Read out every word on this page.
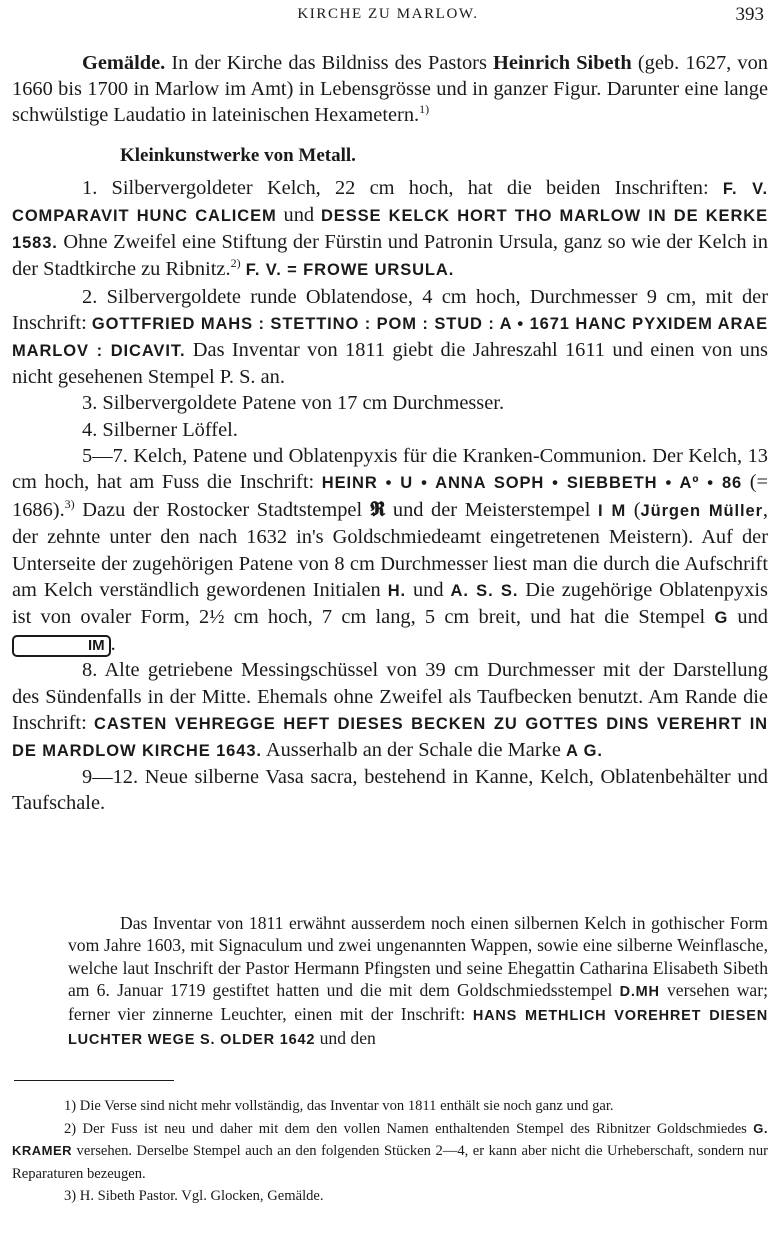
KIRCHE ZU MARLOW.	393

Gemälde. In der Kirche das Bildniss des Pastors Heinrich Sibeth (geb. 1627, von 1660 bis 1700 in Marlow im Amt) in Lebensgrösse und in ganzer Figur. Darunter eine lange schwülstige Laudatio in lateinischen Hexametern.$^{1)}$

Kleinkunstwerke von Metall.

1. Silbervergoldeter Kelch, 22 cm hoch, hat die beiden Inschriften: F. V. COMPARAVIT HUNC CALICEM und DESSE KELCK HORT THO MARLOW IN DE KERKE 1583. Ohne Zweifel eine Stiftung der Fürstin und Patronin Ursula, ganz so wie der Kelch in der Stadtkirche zu Ribnitz.$^{2)}$ F. V. = FROWE URSULA.

2. Silbervergoldete runde Oblatendose, 4 cm hoch, Durchmesser 9 cm, mit der Inschrift: GOTTFRIED MAHS : STETTINO : POM : STUD : A • 1671 HANC PYXIDEM ARAE MARLOV : DICAVIT. Das Inventar von 1811 giebt die Jahreszahl 1611 und einen von uns nicht gesehenen Stempel P. S. an.

3. Silbervergoldete Patene von 17 cm Durchmesser.

4. Silberner Löffel.

5—7. Kelch, Patene und Oblatenpyxis für die Kranken-Communion. Der Kelch, 13 cm hoch, hat am Fuss die Inschrift: HEINR • U • ANNA SOPH • SIEBBETH • Aº • 86 (= 1686).$^{3)}$ Dazu der Rostocker Stadtstempel 𝕽 und der Meisterstempel I M (Jürgen Müller, der zehnte unter den nach 1632 in's Goldschmiedeamt eingetretenen Meistern). Auf der Unterseite der zugehörigen Patene von 8 cm Durchmesser liest man die durch die Aufschrift am Kelch verständlich gewordenen Initialen H. und A. S. S. Die zugehörige Oblatenpyxis ist von ovaler Form, 2½ cm hoch, 7 cm lang, 5 cm breit, und hat die Stempel G und IM .

8. Alte getriebene Messingschüssel von 39 cm Durchmesser mit der Darstellung des Sündenfalls in der Mitte. Ehemals ohne Zweifel als Taufbecken benutzt. Am Rande die Inschrift: CASTEN VEHREGGE HEFT DIESES BECKEN ZU GOTTES DINS VEREHRT IN DE MARDLOW KIRCHE 1643. Ausserhalb an der Schale die Marke A G.

9—12. Neue silberne Vasa sacra, bestehend in Kanne, Kelch, Oblatenbehälter und Taufschale.

Das Inventar von 1811 erwähnt ausserdem noch einen silbernen Kelch in gothischer Form vom Jahre 1603, mit Signaculum und zwei ungenannten Wappen, sowie eine silberne Weinflasche, welche laut Inschrift der Pastor Hermann Pfingsten und seine Ehegattin Catharina Elisabeth Sibeth am 6. Januar 1719 gestiftet hatten und die mit dem Goldschmiedsstempel D.MH versehen war; ferner vier zinnerne Leuchter, einen mit der Inschrift: HANS METHLICH VOREHRET DIESEN LUCHTER WEGE S. OLDER 1642 und den

1) Die Verse sind nicht mehr vollständig, das Inventar von 1811 enthält sie noch ganz und gar.

2) Der Fuss ist neu und daher mit dem den vollen Namen enthaltenden Stempel des Ribnitzer Goldschmiedes G. KRAMER versehen. Derselbe Stempel auch an den folgenden Stücken 2—4, er kann aber nicht die Urheberschaft, sondern nur Reparaturen bezeugen.

3) H. Sibeth Pastor. Vgl. Glocken, Gemälde.
